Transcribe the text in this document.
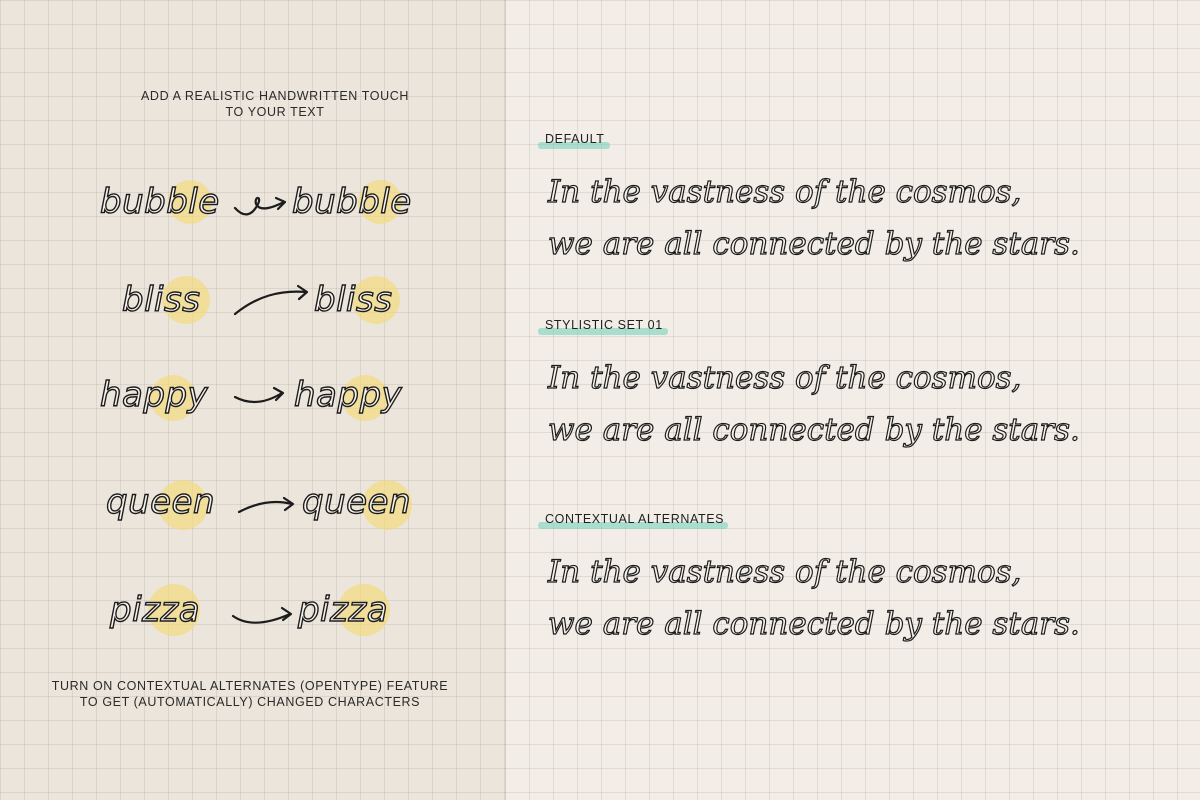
ADD A REALISTIC HANDWRITTEN TOUCH
TO YOUR TEXT
bubble bubble
bliss	bliss
happy	happy
queen	queen
pizza	pizza
TURN ON CONTEXTUAL ALTERNATES (OPENTYPE) FEATURE
TO GET (AUTOMATICALLY) CHANGED CHARACTERS
DEFAULT
In the vastness of the cosmos,
we are all connected by the stars.
STYLISTIC SET 01
In the vastness of the cosmos,
we are all connected by the stars.
CONTEXTUAL ALTERNATES
In the vastness of the cosmos,
we are all connected by the stars.
